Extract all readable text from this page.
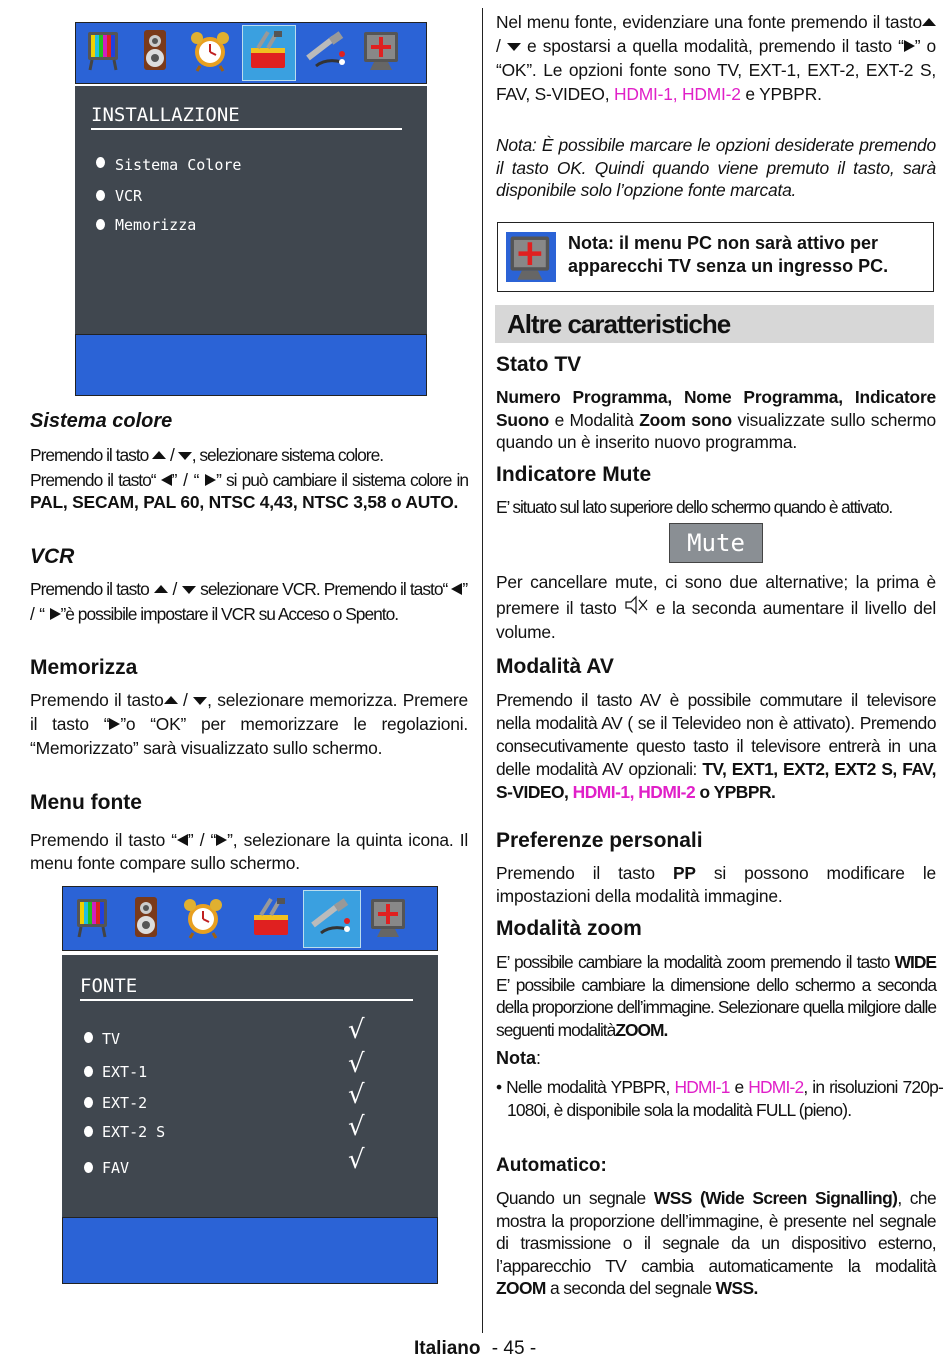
INSTALLAZIONE
Sistema Colore
VCR
Memorizza
Sistema colore

Premendo il tasto  / , selezionare sistema colore.

Premendo il tasto“ ” / “ ” si può cambiare il sistema colore in PAL, SECAM, PAL 60, NTSC 4,43, NTSC 3,58 o AUTO.

VCR

Premendo il tasto  /  selezionare VCR. Premendo il tasto“ ” / “ ”è possibile impostare il VCR su Acceso o Spento.

Memorizza

Premendo il tasto / , selezionare memorizza. Premere il tasto “ ”o “OK” per memorizzare le regolazioni. “Memorizzato” sarà visualizzato sullo schermo.

Menu fonte

Premendo il tasto “ ” / “ ”, selezionare la quinta icona. Il menu fonte compare sullo schermo.

FONTE
TV	√
EXT-1	√
EXT-2	√
EXT-2 S	√
FAV	√

Nel menu fonte, evidenziare una fonte premendo il tasto /  e spostarsi a quella modalità, premendo il tasto “ ” o “OK”. Le opzioni fonte sono TV, EXT-1, EXT-2, EXT-2 S, FAV, S-VIDEO, HDMI-1, HDMI-2 e YPBPR.

Nota: È possibile marcare le opzioni desiderate premendo il tasto OK. Quindi quando viene premuto il tasto, sarà disponibile solo l’opzione fonte marcata.
Nota: il menu PC non sarà attivo per apparecchi TV senza un ingresso PC.
Altre caratteristiche
Stato TV

Numero Programma, Nome Programma, Indicatore Suono e Modalità Zoom sono visualizzate sullo schermo quando un è inserito nuovo programma.

Indicatore Mute
E’ situato sul lato superiore dello schermo quando è attivato.
Mute

Per cancellare mute, ci sono due alternative; la prima è premere il tasto  e la seconda aumentare il livello del volume.

Modalità AV

Premendo il tasto AV è possibile commutare il televisore nella modalità AV ( se il Televideo non è attivato). Premendo consecutivamente questo tasto il televisore entrerà in una delle modalità AV opzionali: TV, EXT1, EXT2, EXT2 S, FAV, S-VIDEO, HDMI-1, HDMI-2 o YPBPR.

Preferenze personali

Premendo il tasto PP si possono modificare le impostazioni della modalità immagine.

Modalità zoom

E’ possibile cambiare la modalità zoom premendo il tasto WIDE E’ possibile cambiare la dimensione dello schermo a seconda della proporzione dell’immagine. Selezionare quella milgiore dalle seguenti modalitàZOOM.

Nota:

• Nelle modalità YPBPR, HDMI-1 e HDMI-2, in risoluzioni 720p-1080i, è disponibile sola la modalità FULL (pieno).

Automatico:

Quando un segnale WSS (Wide Screen Signalling), che mostra la proporzione dell’immagine, è presente nel segnale di trasmissione o il segnale da un dispositivo esterno, l’apparecchio TV cambia automaticamente la modalità ZOOM a seconda del segnale WSS.

Italiano - 45 -
